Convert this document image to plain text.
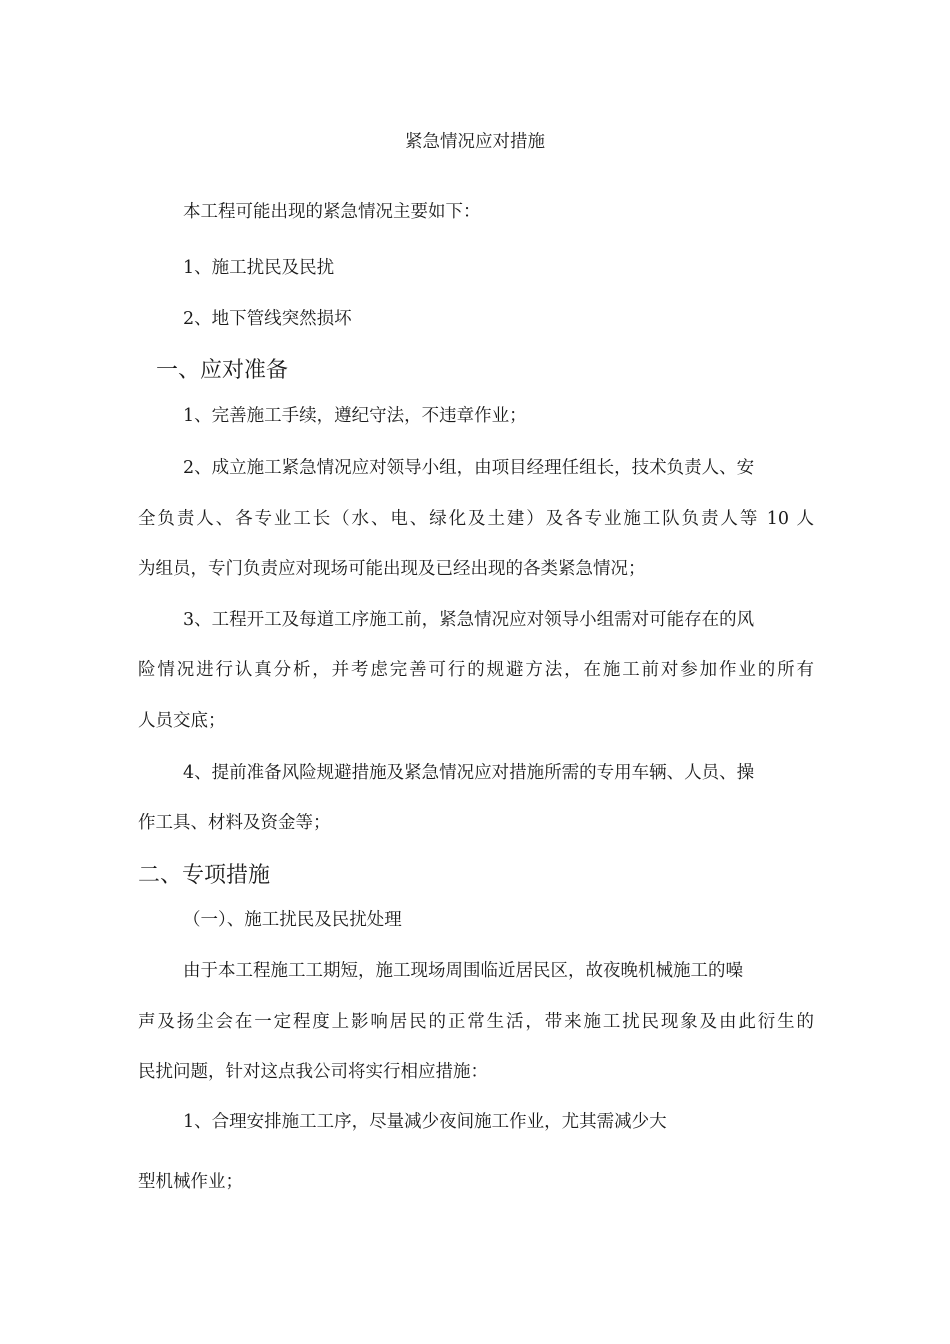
紧急情况应对措施
本工程可能出现的紧急情况主要如下：
1、施工扰民及民扰
2、地下管线突然损坏
一、应对准备
1、完善施工手续，遵纪守法，不违章作业；
2、成立施工紧急情况应对领导小组，由项目经理任组长，技术负责人、安
全负责人、各专业工长（水、电、绿化及土建）及各专业施工队负责人等 10 人
为组员，专门负责应对现场可能出现及已经出现的各类紧急情况；
3、工程开工及每道工序施工前，紧急情况应对领导小组需对可能存在的风
险情况进行认真分析，并考虑完善可行的规避方法，在施工前对参加作业的所有
人员交底；
4、提前准备风险规避措施及紧急情况应对措施所需的专用车辆、人员、操
作工具、材料及资金等；
二、专项措施
（一）、施工扰民及民扰处理
由于本工程施工工期短，施工现场周围临近居民区，故夜晚机械施工的噪
声及扬尘会在一定程度上影响居民的正常生活，带来施工扰民现象及由此衍生的
民扰问题，针对这点我公司将实行相应措施：
1、合理安排施工工序，尽量减少夜间施工作业，尤其需减少大
型机械作业；
